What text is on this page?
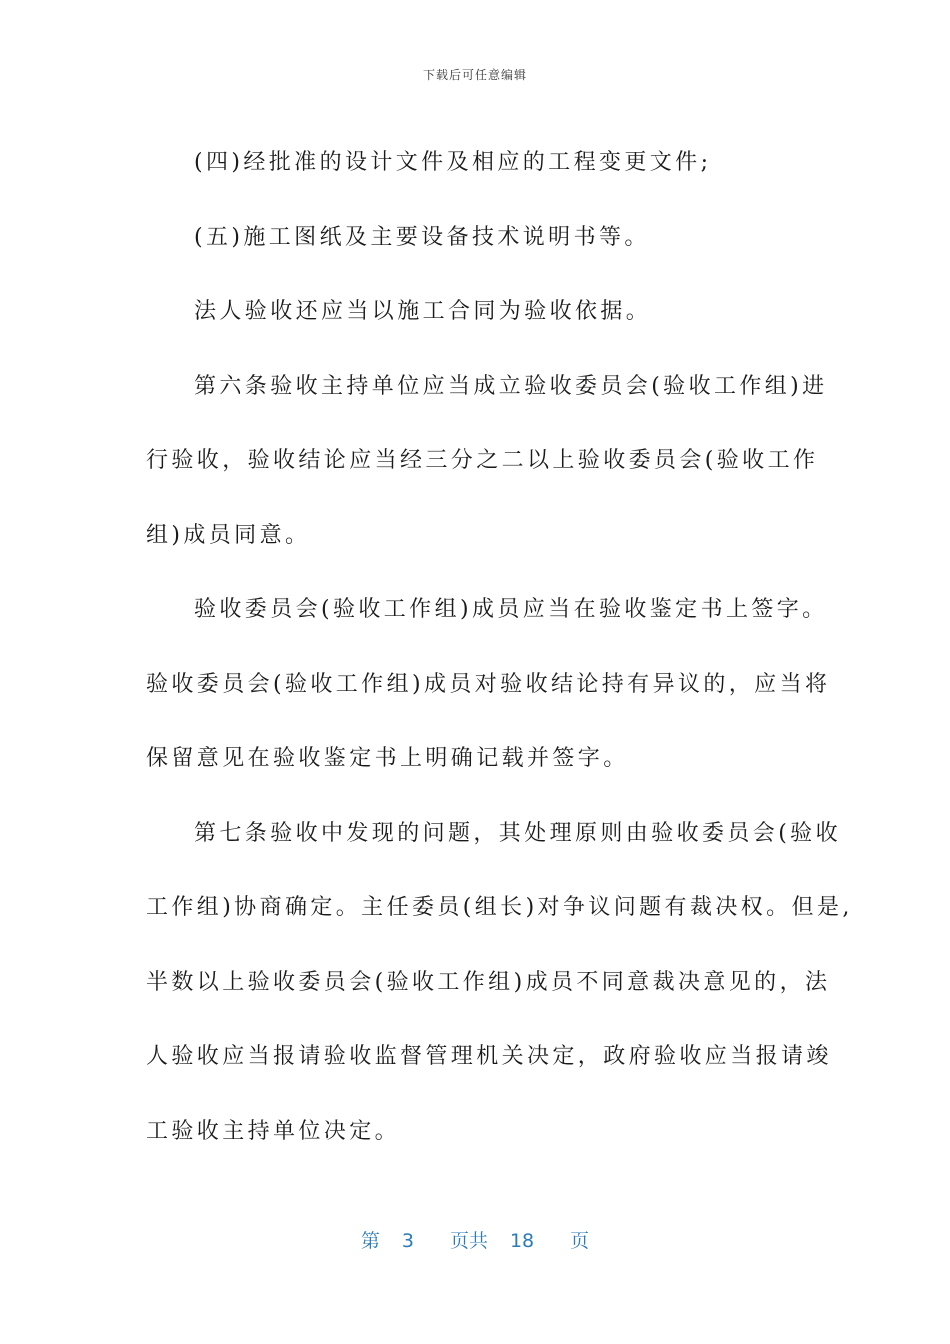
下载后可任意编辑

(四)经批准的设计文件及相应的工程变更文件;

(五)施工图纸及主要设备技术说明书等。

法人验收还应当以施工合同为验收依据。

第六条验收主持单位应当成立验收委员会(验收工作组)进

行验收，验收结论应当经三分之二以上验收委员会(验收工作

组)成员同意。

验收委员会(验收工作组)成员应当在验收鉴定书上签字。

验收委员会(验收工作组)成员对验收结论持有异议的，应当将

保留意见在验收鉴定书上明确记载并签字。

第七条验收中发现的问题，其处理原则由验收委员会(验收

工作组)协商确定。主任委员(组长)对争议问题有裁决权。但是,

半数以上验收委员会(验收工作组)成员不同意裁决意见的，法

人验收应当报请验收监督管理机关决定，政府验收应当报请竣

工验收主持单位决定。

第 3 页共 18 页
